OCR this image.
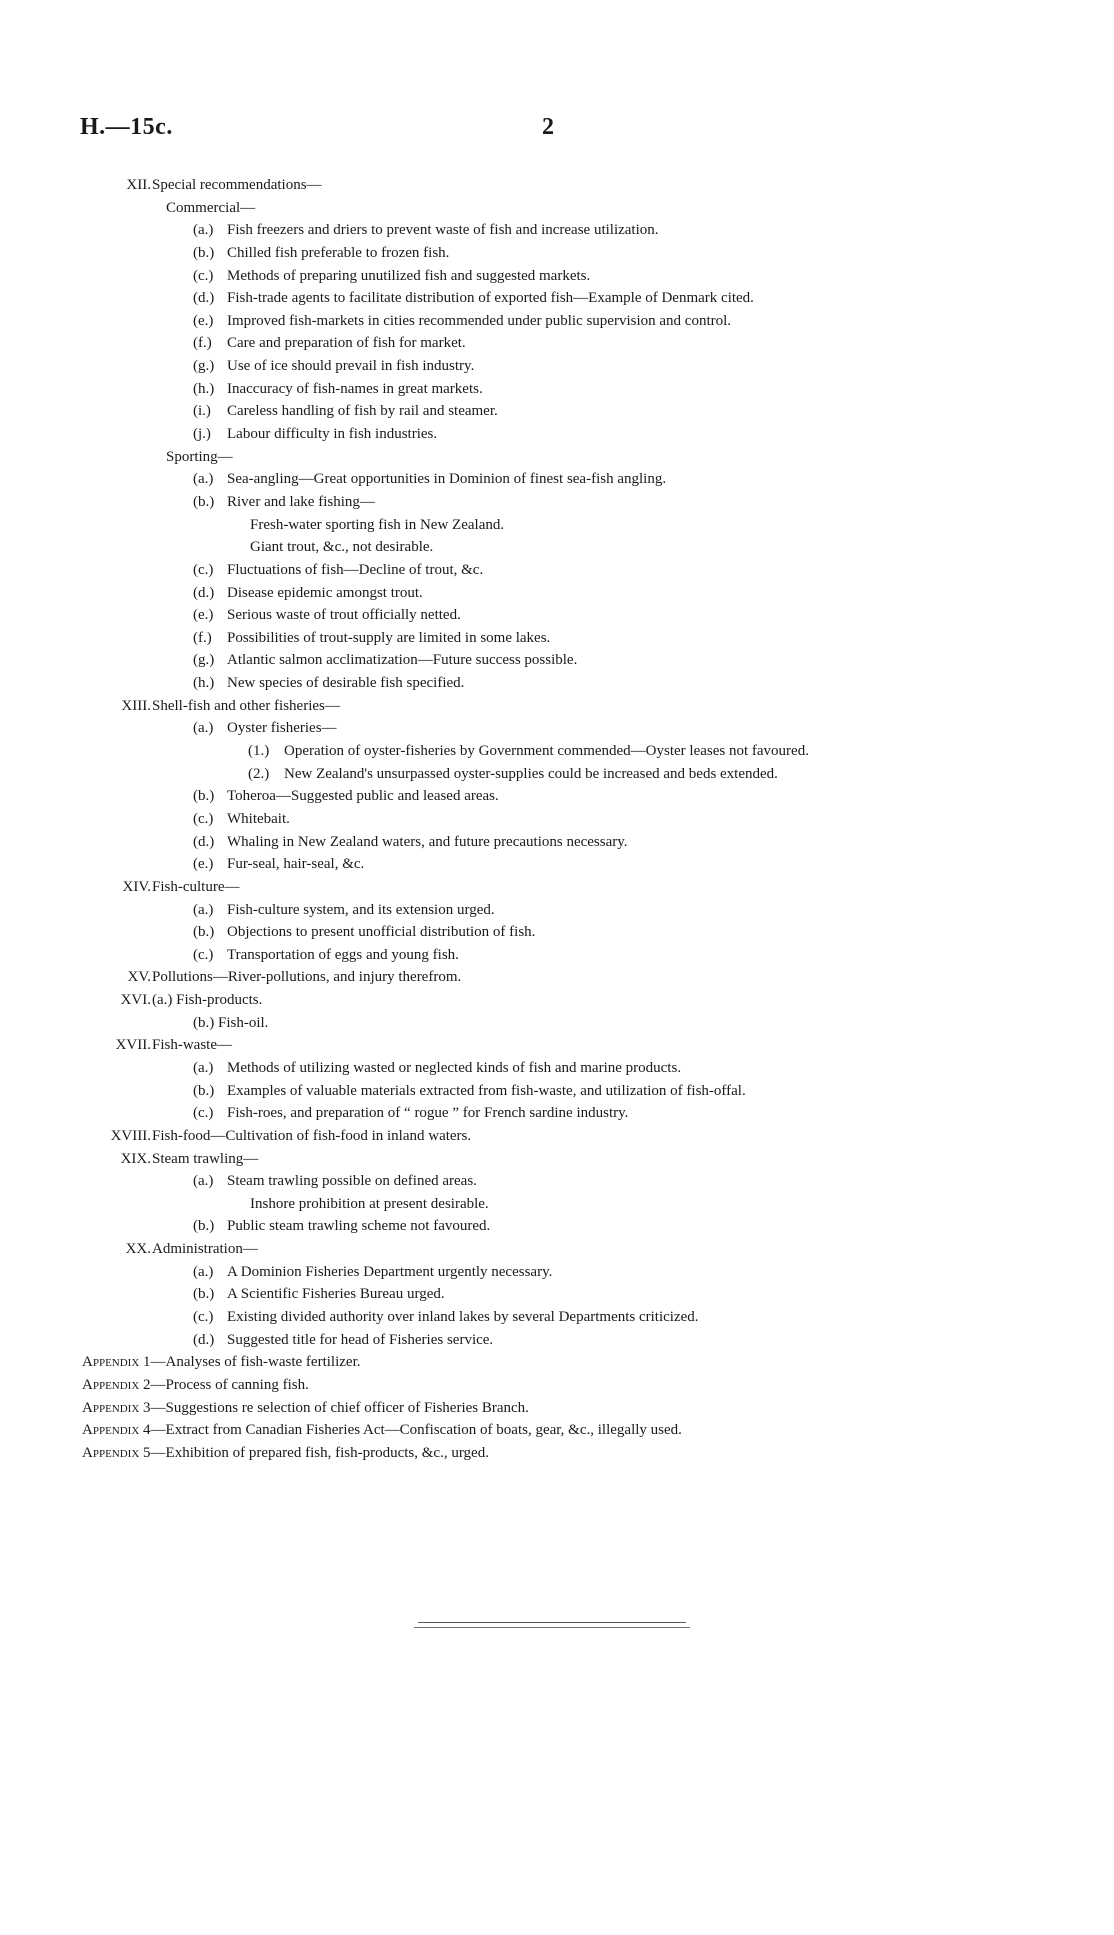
H.—15c.	2
XII. Special recommendations—
Commercial—
(a.) Fish freezers and driers to prevent waste of fish and increase utilization.
(b.) Chilled fish preferable to frozen fish.
(c.) Methods of preparing unutilized fish and suggested markets.
(d.) Fish-trade agents to facilitate distribution of exported fish—Example of Denmark cited.
(e.) Improved fish-markets in cities recommended under public supervision and control.
(f.) Care and preparation of fish for market.
(g.) Use of ice should prevail in fish industry.
(h.) Inaccuracy of fish-names in great markets.
(i.) Careless handling of fish by rail and steamer.
(j.) Labour difficulty in fish industries.
Sporting—
(a.) Sea-angling—Great opportunities in Dominion of finest sea-fish angling.
(b.) River and lake fishing—
Fresh-water sporting fish in New Zealand.
Giant trout, &c., not desirable.
(c.) Fluctuations of fish—Decline of trout, &c.
(d.) Disease epidemic amongst trout.
(e.) Serious waste of trout officially netted.
(f.) Possibilities of trout-supply are limited in some lakes.
(g.) Atlantic salmon acclimatization—Future success possible.
(h.) New species of desirable fish specified.
XIII. Shell-fish and other fisheries—
(a.) Oyster fisheries—
(1.) Operation of oyster-fisheries by Government commended—Oyster leases not favoured.
(2.) New Zealand's unsurpassed oyster-supplies could be increased and beds extended.
(b.) Toheroa—Suggested public and leased areas.
(c.) Whitebait.
(d.) Whaling in New Zealand waters, and future precautions necessary.
(e.) Fur-seal, hair-seal, &c.
XIV. Fish-culture—
(a.) Fish-culture system, and its extension urged.
(b.) Objections to present unofficial distribution of fish.
(c.) Transportation of eggs and young fish.
XV. Pollutions—River-pollutions, and injury therefrom.
XVI. (a.) Fish-products.
(b.) Fish-oil.
XVII. Fish-waste—
(a.) Methods of utilizing wasted or neglected kinds of fish and marine products.
(b.) Examples of valuable materials extracted from fish-waste, and utilization of fish-offal.
(c.) Fish-roes, and preparation of “ rogue ” for French sardine industry.
XVIII. Fish-food—Cultivation of fish-food in inland waters.
XIX. Steam trawling—
(a.) Steam trawling possible on defined areas.
Inshore prohibition at present desirable.
(b.) Public steam trawling scheme not favoured.
XX. Administration—
(a.) A Dominion Fisheries Department urgently necessary.
(b.) A Scientific Fisheries Bureau urged.
(c.) Existing divided authority over inland lakes by several Departments criticized.
(d.) Suggested title for head of Fisheries service.
Appendix 1—Analyses of fish-waste fertilizer.
Appendix 2—Process of canning fish.
Appendix 3—Suggestions re selection of chief officer of Fisheries Branch.
Appendix 4—Extract from Canadian Fisheries Act—Confiscation of boats, gear, &c., illegally used.
Appendix 5—Exhibition of prepared fish, fish-products, &c., urged.
